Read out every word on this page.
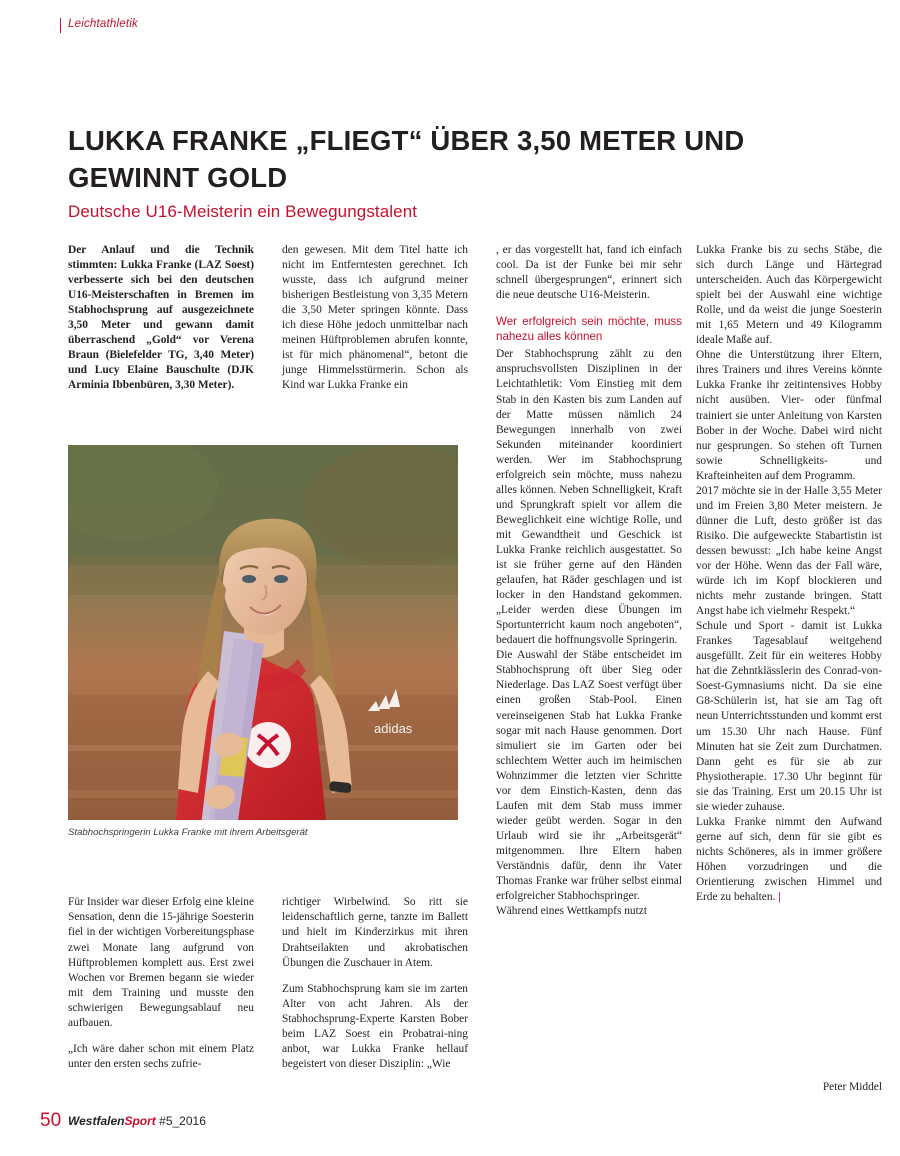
Leichtathletik
LUKKA FRANKE „FLIEGT“ ÜBER 3,50 METER UND GEWINNT GOLD
Deutsche U16-Meisterin ein Bewegungstalent

Der Anlauf und die Technik stimmten: Lukka Franke (LAZ Soest) verbesserte sich bei den deutschen U16-Meisterschaften in Bremen im Stabhochsprung auf ausgezeichnete 3,50 Meter und gewann damit überraschend „Gold“ vor Verena Braun (Bielefelder TG, 3,40 Meter) und Lucy Elaine Bauschulte (DJK Arminia Ibbenbüren, 3,30 Meter).

den gewesen. Mit dem Titel hatte ich nicht im Entferntesten gerechnet. Ich wusste, dass ich aufgrund meiner bisherigen Bestleistung von 3,35 Metern die 3,50 Meter springen könnte. Dass ich diese Höhe jedoch unmittelbar nach meinen Hüftproblemen abrufen konnte, ist für mich phänomenal“, betont die junge Himmelsstürmerin. Schon als Kind war Lukka Franke ein

, er das vorgestellt hat, fand ich einfach cool. Da ist der Funke bei mir sehr schnell übergesprungen“, erinnert sich die neue deutsche U16-Meisterin.

Wer erfolgreich sein möchte, muss nahezu alles können

Der Stabhochsprung zählt zu den anspruchsvollsten Disziplinen in der Leichtathletik: Vom Einstieg mit dem Stab in den Kasten bis zum Landen auf der Matte müssen nämlich 24 Bewegungen innerhalb von zwei Sekunden miteinander koordiniert werden. Wer im Stabhochsprung erfolgreich sein möchte, muss nahezu alles können. Neben Schnelligkeit, Kraft und Sprungkraft spielt vor allem die Beweglichkeit eine wichtige Rolle, und mit Gewandtheit und Geschick ist Lukka Franke reichlich ausgestattet. So ist sie früher gerne auf den Händen gelaufen, hat Räder geschlagen und ist locker in den Handstand gekommen. „Leider werden diese Übungen im Sportunterricht kaum noch angeboten“, bedauert die hoffnungsvolle Springerin.

Die Auswahl der Stäbe entscheidet im Stabhochsprung oft über Sieg oder Niederlage. Das LAZ Soest verfügt über einen großen Stab-Pool. Einen vereinseigenen Stab hat Lukka Franke sogar mit nach Hause genommen. Dort simuliert sie im Garten oder bei schlechtem Wetter auch im heimischen Wohnzimmer die letzten vier Schritte vor dem Einstich-Kasten, denn das Laufen mit dem Stab muss immer wieder geübt werden. Sogar in den Urlaub wird sie ihr „Arbeitsgerät“ mitgenommen. Ihre Eltern haben Verständnis dafür, denn ihr Vater Thomas Franke war früher selbst einmal erfolgreicher Stabhochspringer.

Während eines Wettkampfs nutzt

Lukka Franke bis zu sechs Stäbe, die sich durch Länge und Härtegrad unterscheiden. Auch das Körpergewicht spielt bei der Auswahl eine wichtige Rolle, und da weist die junge Soesterin mit 1,65 Metern und 49 Kilogramm ideale Maße auf.

Ohne die Unterstützung ihrer Eltern, ihres Trainers und ihres Vereins könnte Lukka Franke ihr zeitintensives Hobby nicht ausüben. Vier- oder fünfmal trainiert sie unter Anleitung von Karsten Bober in der Woche. Dabei wird nicht nur gesprungen. So stehen oft Turnen sowie Schnelligkeits- und Krafteinheiten auf dem Programm.

2017 möchte sie in der Halle 3,55 Meter und im Freien 3,80 Meter meistern. Je dünner die Luft, desto größer ist das Risiko. Die aufgeweckte Stabartistin ist dessen bewusst: „Ich habe keine Angst vor der Höhe. Wenn das der Fall wäre, würde ich im Kopf blockieren und nichts mehr zustande bringen. Statt Angst habe ich vielmehr Respekt.“

Schule und Sport - damit ist Lukka Frankes Tagesablauf weitgehend ausgefüllt. Zeit für ein weiteres Hobby hat die Zehntklässlerin des Conrad-von-Soest-Gymnasiums nicht. Da sie eine G8-Schülerin ist, hat sie am Tag oft neun Unterrichtsstunden und kommt erst um 15.30 Uhr nach Hause. Fünf Minuten hat sie Zeit zum Durchatmen. Dann geht es für sie ab zur Physiotherapie. 17.30 Uhr beginnt für sie das Training. Erst um 20.15 Uhr ist sie wieder zuhause.

Lukka Franke nimmt den Aufwand gerne auf sich, denn für sie gibt es nichts Schöneres, als in immer größere Höhen vorzudringen und die Orientierung zwischen Himmel und Erde zu behalten. |

Peter Middel
adidas
Stabhochspringerin Lukka Franke mit ihrem Arbeitsgerät

Für Insider war dieser Erfolg eine kleine Sensation, denn die 15-jährige Soesterin fiel in der wichtigen Vorbereitungsphase zwei Monate lang aufgrund von Hüftproblemen komplett aus. Erst zwei Wochen vor Bremen begann sie wieder mit dem Training und musste den schwierigen Bewegungsablauf neu aufbauen.

„Ich wäre daher schon mit einem Platz unter den ersten sechs zufrie-

richtiger Wirbelwind. So ritt sie leidenschaftlich gerne, tanzte im Ballett und hielt im Kinderzirkus mit ihren Drahtseilakten und akrobatischen Übungen die Zuschauer in Atem.

Zum Stabhochsprung kam sie im zarten Alter von acht Jahren. Als der Stabhochsprung-Experte Karsten Bober beim LAZ Soest ein Probatrai-ning anbot, war Lukka Franke hellauf begeistert von dieser Disziplin: „Wie

50 WestfalenSport #5_2016
